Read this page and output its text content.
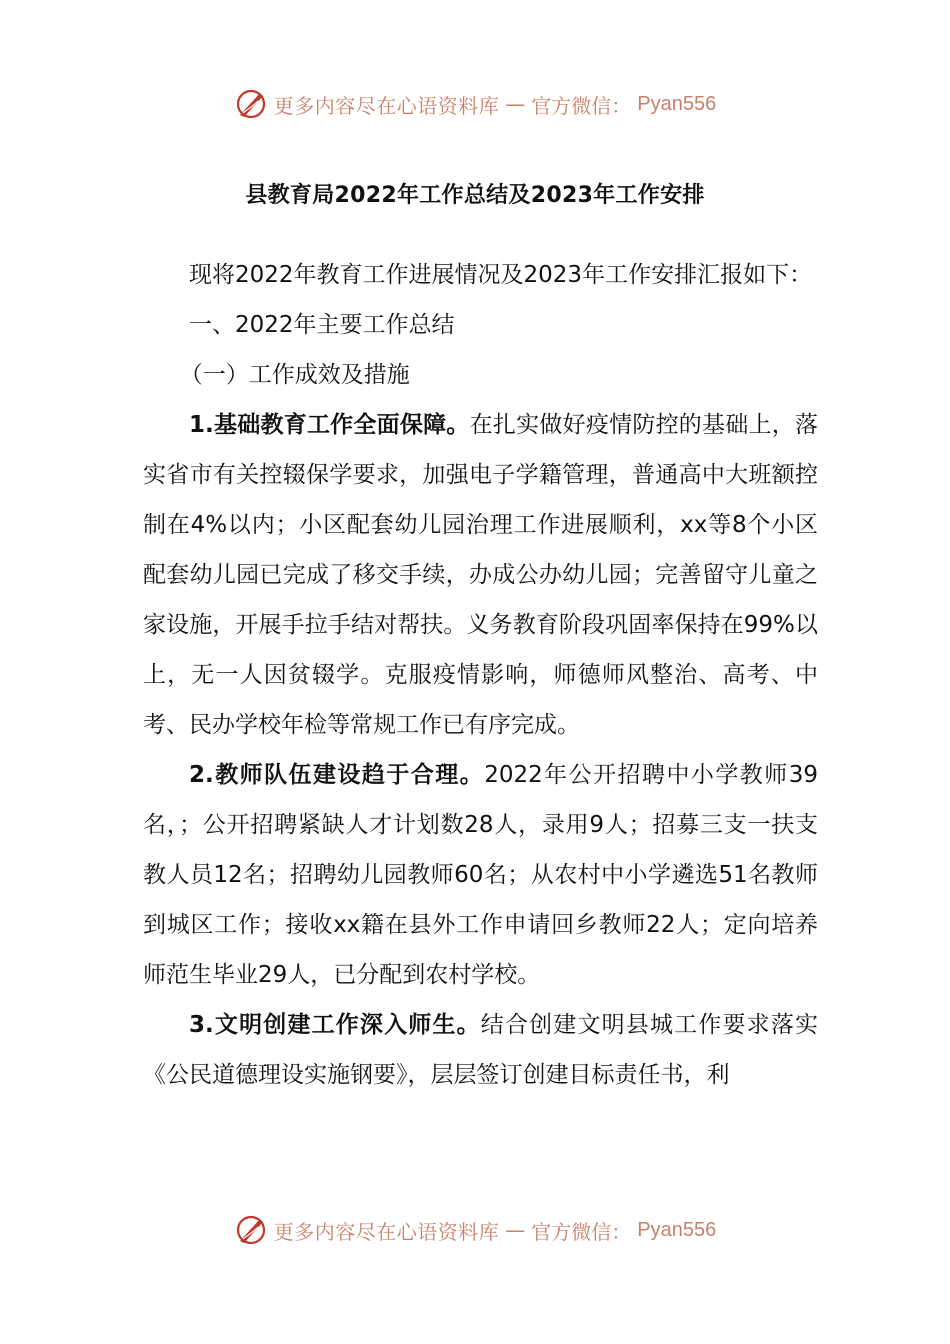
更多内容尽在心语资料库 — 官方微信： Pyan556
县教育局2022年工作总结及2023年工作安排

现将2022年教育工作进展情况及2023年工作安排汇报如下：

一、2022年主要工作总结

（一）工作成效及措施

1.基础教育工作全面保障。在扎实做好疫情防控的基础上，落实省市有关控辍保学要求，加强电子学籍管理，普通高中大班额控制在4%以内；小区配套幼儿园治理工作进展顺利，xx等8个小区配套幼儿园已完成了移交手续，办成公办幼儿园；完善留守儿童之家设施，开展手拉手结对帮扶。义务教育阶段巩固率保持在99%以上，无一人因贫辍学。克服疫情影响，师德师风整治、高考、中考、民办学校年检等常规工作已有序完成。

2.教师队伍建设趋于合理。2022年公开招聘中小学教师39名，；公开招聘紧缺人才计划数28人，录用9人；招募三支一扶支教人员12名；招聘幼儿园教师60名；从农村中小学遴选51名教师到城区工作；接收xx籍在县外工作申请回乡教师22人；定向培养师范生毕业29人，已分配到农村学校。

3.文明创建工作深入师生。结合创建文明县城工作要求落实《公民道德理设实施钢要》，层层签订创建目标责任书，利

更多内容尽在心语资料库 — 官方微信： Pyan556
